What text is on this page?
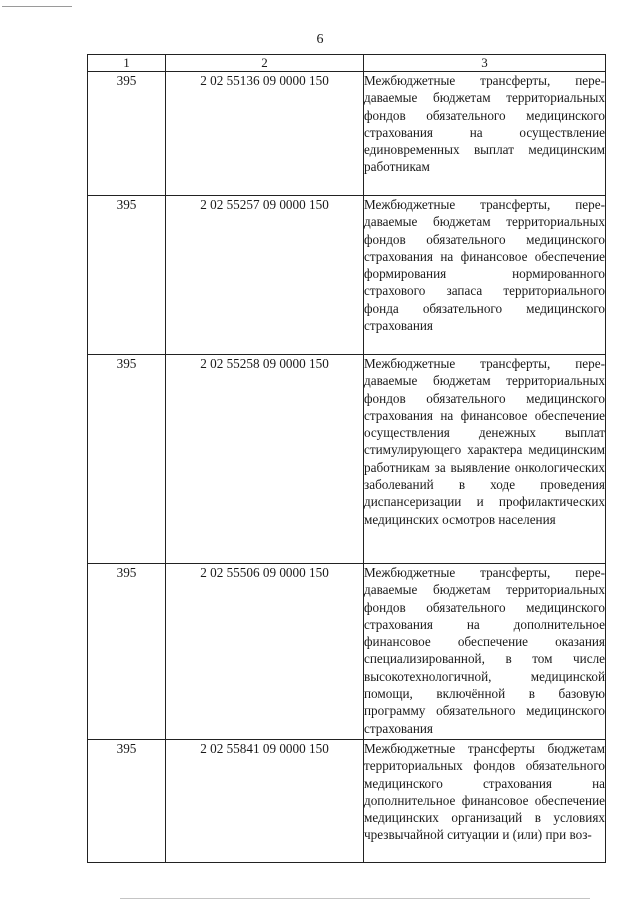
6
1	2	3
395	2 02 55136 09 0000 150	Межбюджетные трансферты, передаваемые бюджетам территориальных фондов обязательного медицинского страхования на осуществление единовременных выплат медицинским работникам
395	2 02 55257 09 0000 150	Межбюджетные трансферты, передаваемые бюджетам территориальных фондов обязательного медицинского страхования на финансовое обеспечение формирования нормированного страхового запаса территориального фонда обязательного медицинского страхования
395	2 02 55258 09 0000 150	Межбюджетные трансферты, передаваемые бюджетам территориальных фондов обязательного медицинского страхования на финансовое обеспечение осуществления денежных выплат стимулирующего характера медицинским работникам за выявление онкологических заболеваний в ходе проведения диспансеризации и профилактических медицинских осмотров населения
395	2 02 55506 09 0000 150	Межбюджетные трансферты, передаваемые бюджетам территориальных фондов обязательного медицинского страхования на дополнительное финансовое обеспечение оказания специализированной, в том числе высокотехнологичной, медицинской помощи, включённой в базовую программу обязательного медицинского страхования
395	2 02 55841 09 0000 150	Межбюджетные трансферты бюджетам территориальных фондов обязательного медицинского страхования на дополнительное финансовое обеспечение медицинских организаций в условиях чрезвычайной ситуации и (или) при воз-
